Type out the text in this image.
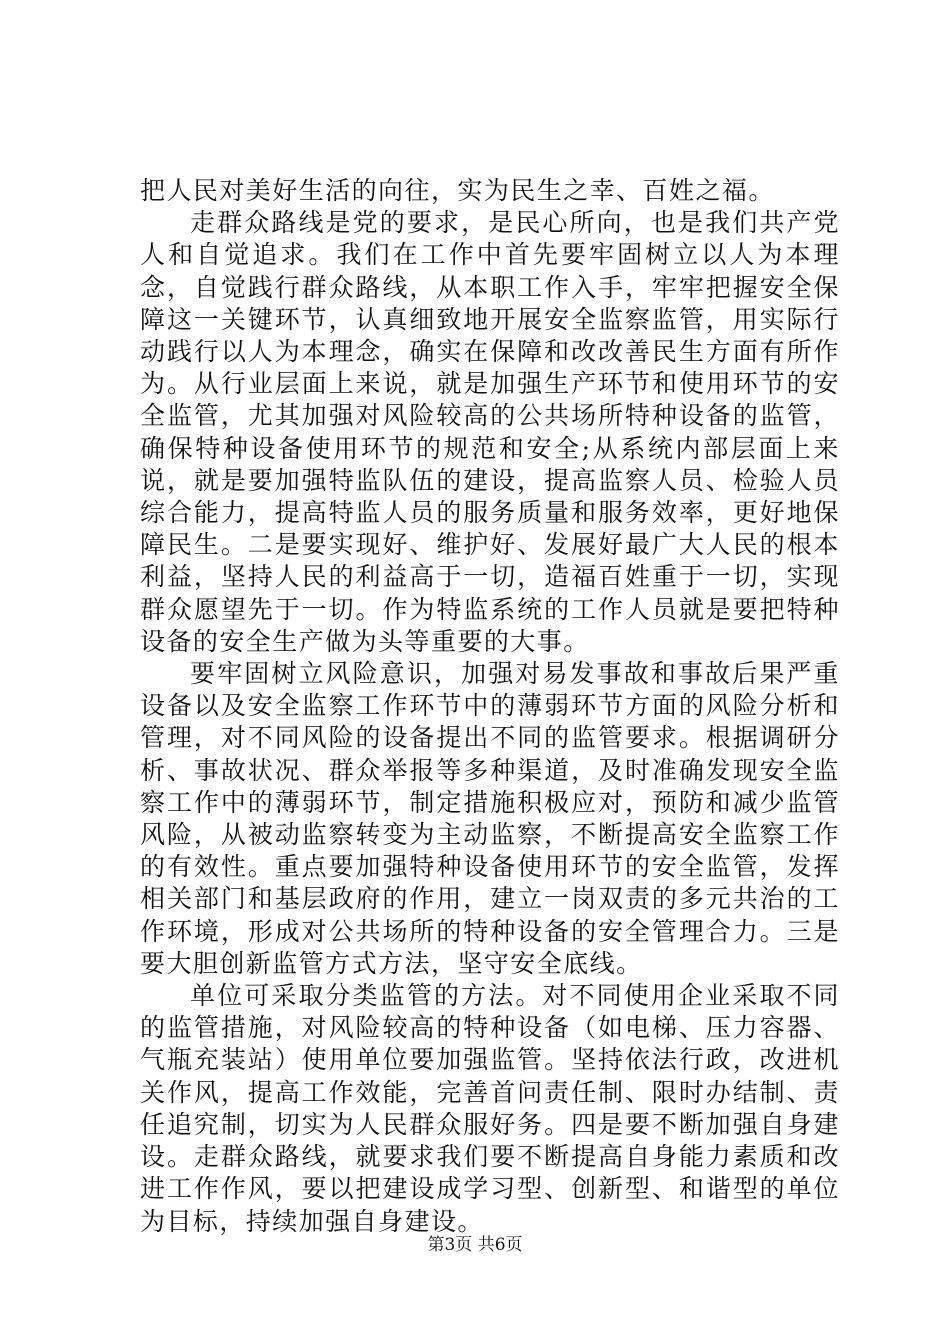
把人民对美好生活的向往，实为民生之幸、百姓之福。

走群众路线是党的要求，是民心所向，也是我们共产党人和自觉追求。我们在工作中首先要牢固树立以人为本理念，自觉践行群众路线，从本职工作入手，牢牢把握安全保障这一关键环节，认真细致地开展安全监察监管，用实际行动践行以人为本理念，确实在保障和改改善民生方面有所作为。从行业层面上来说，就是加强生产环节和使用环节的安全监管，尤其加强对风险较高的公共场所特种设备的监管，确保特种设备使用环节的规范和安全;从系统内部层面上来说，就是要加强特监队伍的建设，提高监察人员、检验人员综合能力，提高特监人员的服务质量和服务效率，更好地保障民生。二是要实现好、维护好、发展好最广大人民的根本利益，坚持人民的利益高于一切，造福百姓重于一切，实现群众愿望先于一切。作为特监系统的工作人员就是要把特种设备的安全生产做为头等重要的大事。

要牢固树立风险意识，加强对易发事故和事故后果严重设备以及安全监察工作环节中的薄弱环节方面的风险分析和管理，对不同风险的设备提出不同的监管要求。根据调研分析、事故状况、群众举报等多种渠道，及时准确发现安全监察工作中的薄弱环节，制定措施积极应对，预防和减少监管风险，从被动监察转变为主动监察，不断提高安全监察工作的有效性。重点要加强特种设备使用环节的安全监管，发挥相关部门和基层政府的作用，建立一岗双责的多元共治的工作环境，形成对公共场所的特种设备的安全管理合力。三是要大胆创新监管方式方法，坚守安全底线。

单位可采取分类监管的方法。对不同使用企业采取不同的监管措施，对风险较高的特种设备（如电梯、压力容器、气瓶充装站）使用单位要加强监管。坚持依法行政，改进机关作风，提高工作效能，完善首问责任制、限时办结制、责任追究制，切实为人民群众服好务。四是要不断加强自身建设。走群众路线，就要求我们要不断提高自身能力素质和改进工作作风，要以把建设成学习型、创新型、和谐型的单位为目标，持续加强自身建设。

第3页 共6页
